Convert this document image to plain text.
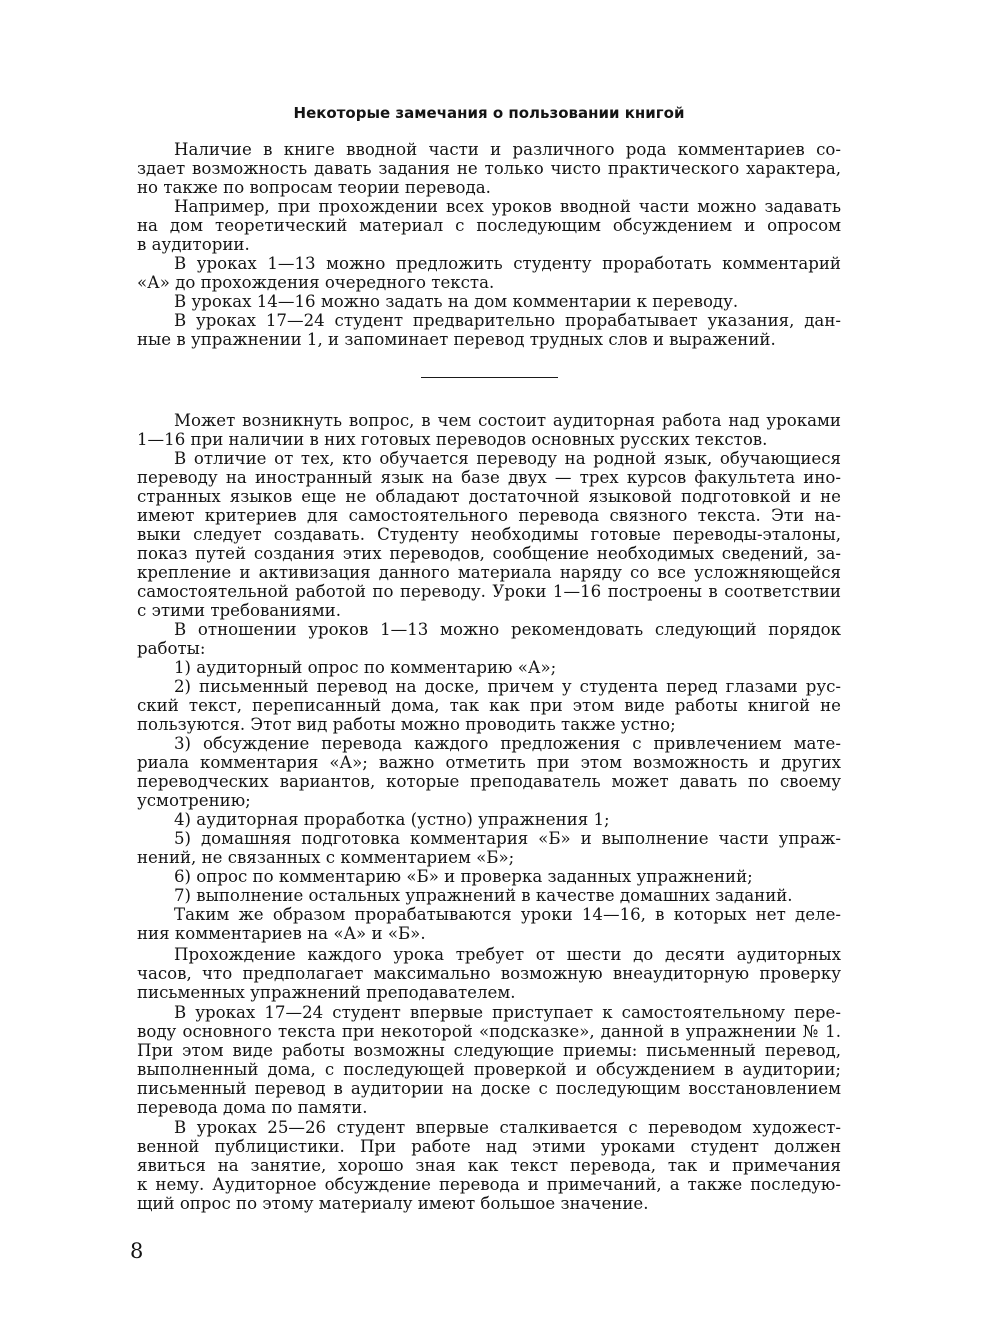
Некоторые замечания о пользовании книгой
Наличие в книге вводной части и различного рода комментариев со-
здает возможность давать задания не только чисто практического характера,
но также по вопросам теории перевода.
Например, при прохождении всех уроков вводной части можно задавать
на дом теоретический материал с последующим обсуждением и опросом
в аудитории.
В уроках 1—13 можно предложить студенту проработать комментарий
«А» до прохождения очередного текста.
В уроках 14—16 можно задать на дом комментарии к переводу.
В уроках 17—24 студент предварительно прорабатывает указания, дан-
ные в упражнении 1, и запоминает перевод трудных слов и выражений.
Может возникнуть вопрос, в чем состоит аудиторная работа над уроками
1—16 при наличии в них готовых переводов основных русских текстов.
В отличие от тех, кто обучается переводу на родной язык, обучающиеся
переводу на иностранный язык на базе двух — трех курсов факультета ино-
странных языков еще не обладают достаточной языковой подготовкой и не
имеют критериев для самостоятельного перевода связного текста. Эти на-
выки следует создавать. Студенту необходимы готовые переводы-эталоны,
показ путей создания этих переводов, сообщение необходимых сведений, за-
крепление и активизация данного материала наряду со все усложняющейся
самостоятельной работой по переводу. Уроки 1—16 построены в соответствии
с этими требованиями.
В отношении уроков 1—13 можно рекомендовать следующий порядок
работы:
1) аудиторный опрос по комментарию «А»;
2) письменный перевод на доске, причем у студента перед глазами рус-
ский текст, переписанный дома, так как при этом виде работы книгой не
пользуются. Этот вид работы можно проводить также устно;
3) обсуждение перевода каждого предложения с привлечением мате-
риала комментария «А»; важно отметить при этом возможность и других
переводческих вариантов, которые преподаватель может давать по своему
усмотрению;
4) аудиторная проработка (устно) упражнения 1;
5) домашняя подготовка комментария «Б» и выполнение части упраж-
нений, не связанных с комментарием «Б»;
6) опрос по комментарию «Б» и проверка заданных упражнений;
7) выполнение остальных упражнений в качестве домашних заданий.
Таким же образом прорабатываются уроки 14—16, в которых нет деле-
ния комментариев на «А» и «Б».
Прохождение каждого урока требует от шести до десяти аудиторных
часов, что предполагает максимально возможную внеаудиторную проверку
письменных упражнений преподавателем.
В уроках 17—24 студент впервые приступает к самостоятельному пере-
воду основного текста при некоторой «подсказке», данной в упражнении № 1.
При этом виде работы возможны следующие приемы: письменный перевод,
выполненный дома, с последующей проверкой и обсуждением в аудитории;
письменный перевод в аудитории на доске с последующим восстановлением
перевода дома по памяти.
В уроках 25—26 студент впервые сталкивается с переводом художест-
венной публицистики. При работе над этими уроками студент должен
явиться на занятие, хорошо зная как текст перевода, так и примечания
к нему. Аудиторное обсуждение перевода и примечаний, а также последую-
щий опрос по этому материалу имеют большое значение.
8
